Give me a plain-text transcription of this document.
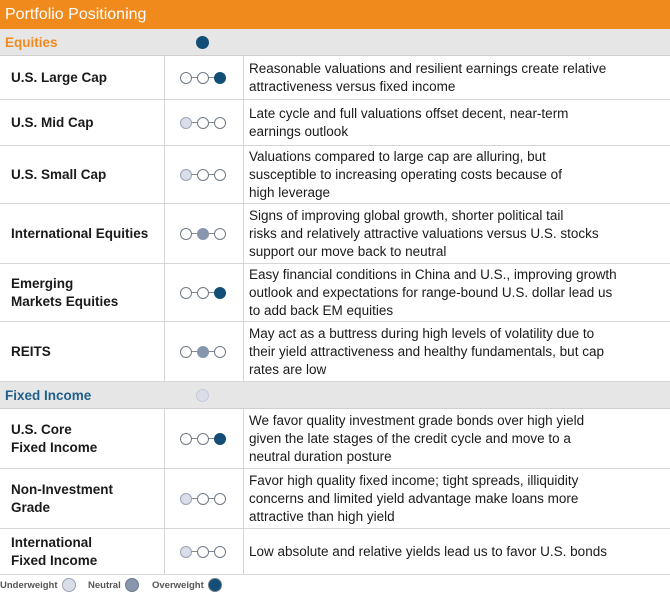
Portfolio Positioning
Equities
U.S. Large Cap
Reasonable valuations and resilient earnings create relative
attractiveness versus fixed income
U.S. Mid Cap
Late cycle and full valuations offset decent, near-term
earnings outlook
U.S. Small Cap
Valuations compared to large cap are alluring, but
susceptible to increasing operating costs because of
high leverage
International Equities
Signs of improving global growth, shorter political tail
risks and relatively attractive valuations versus U.S. stocks
support our move back to neutral
Emerging
Markets Equities
Easy financial conditions in China and U.S., improving growth
outlook and expectations for range-bound U.S. dollar lead us
to add back EM equities
REITS
May act as a buttress during high levels of volatility due to
their yield attractiveness and healthy fundamentals, but cap
rates are low
Fixed Income
U.S. Core
Fixed Income
We favor quality investment grade bonds over high yield
given the late stages of the credit cycle and move to a
neutral duration posture
Non-Investment
Grade
Favor high quality fixed income; tight spreads, illiquidity
concerns and limited yield advantage make loans more
attractive than high yield
International
Fixed Income
Low absolute and relative yields lead us to favor U.S. bonds
Underweight	Neutral	Overweight
